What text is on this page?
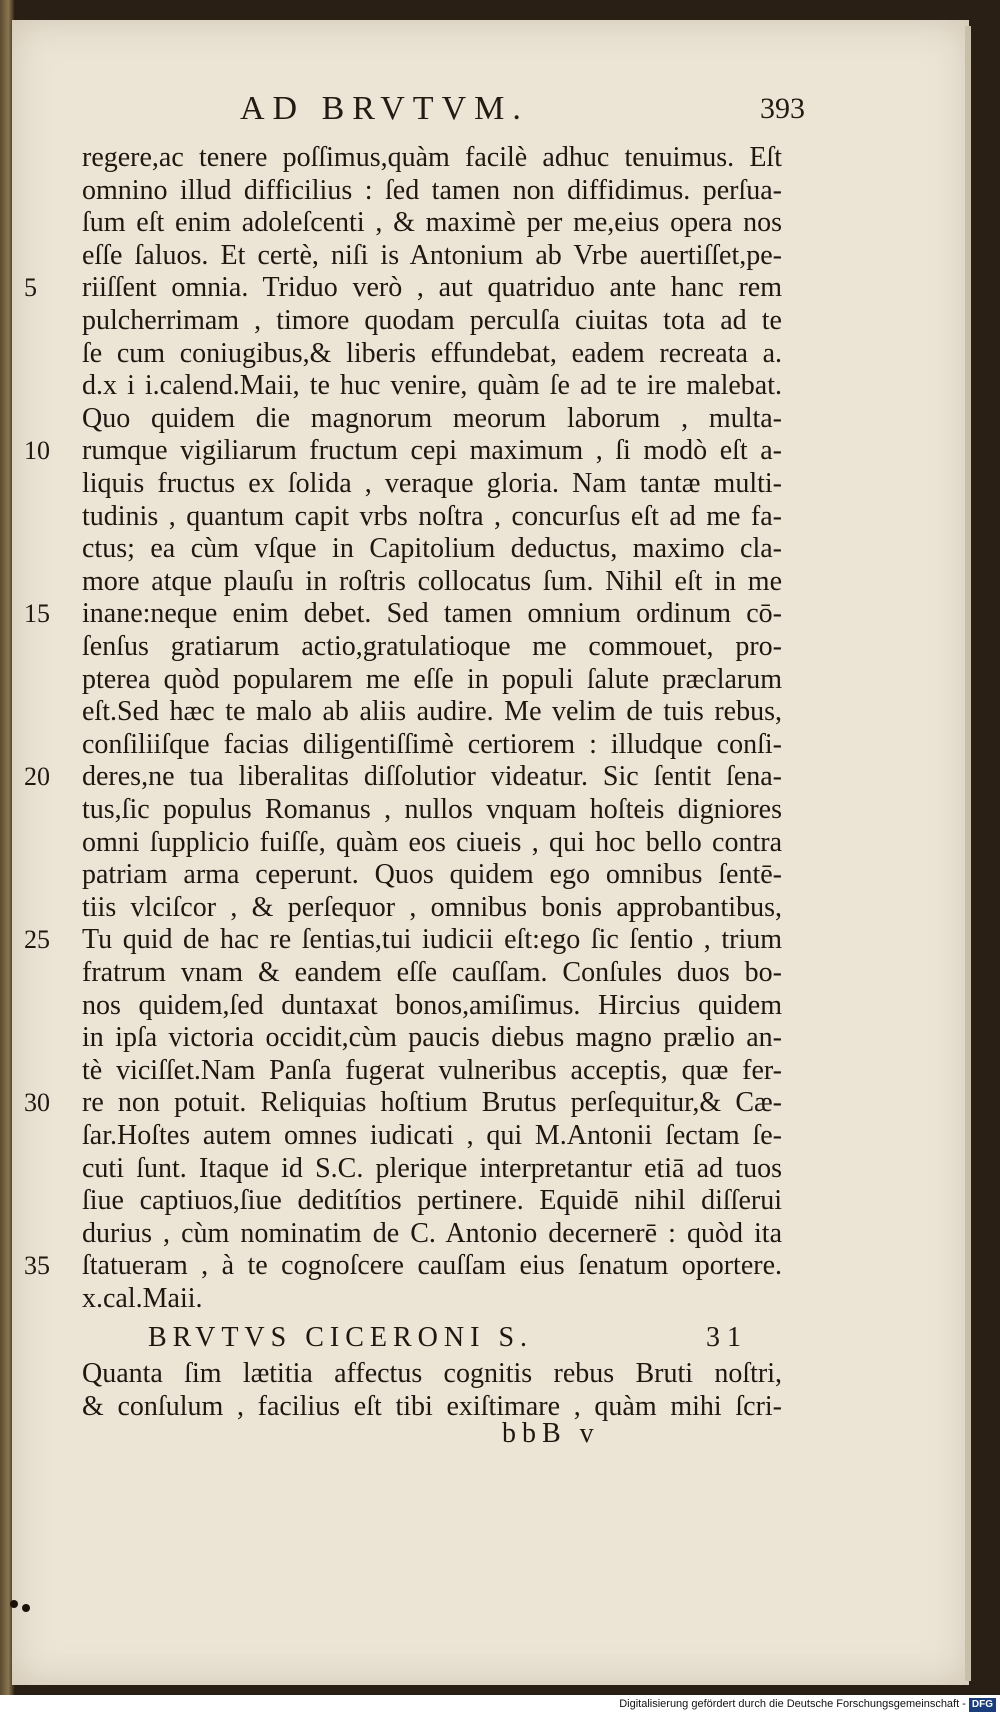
AD BRVTVM.	393
regere,ac tenere poſſimus,quàm facilè adhuc tenuimus. Eſt
omnino illud difficilius : ſed tamen non diffidimus. perſua-
ſum eſt enim adoleſcenti , & maximè per me,eius opera nos
eſſe ſaluos. Et certè, niſi is Antonium ab Vrbe auertiſſet,pe-
riiſſent omnia. Triduo verò , aut quatriduo ante hanc rem
5
pulcherrimam , timore quodam perculſa ciuitas tota ad te
ſe cum coniugibus,& liberis effundebat, eadem recreata a.
d.x i i.calend.Maii, te huc venire, quàm ſe ad te ire malebat.
Quo quidem die magnorum meorum laborum , multa-
rumque vigiliarum fructum cepi maximum , ſi modò eſt a-
10
liquis fructus ex ſolida , veraque gloria. Nam tantæ multi-
tudinis , quantum capit vrbs noſtra , concurſus eſt ad me fa-
ctus; ea cùm vſque in Capitolium deductus, maximo cla-
more atque plauſu in roſtris collocatus ſum. Nihil eſt in me
inane:neque enim debet. Sed tamen omnium ordinum cō-
15
ſenſus gratiarum actio,gratulatioque me commouet, pro-
pterea quòd popularem me eſſe in populi ſalute præclarum
eſt.Sed hæc te malo ab aliis audire. Me velim de tuis rebus,
conſiliiſque facias diligentiſſimè certiorem : illudque conſi-
deres,ne tua liberalitas diſſolutior videatur. Sic ſentit ſena-
20
tus,ſic populus Romanus , nullos vnquam hoſteis digniores
omni ſupplicio fuiſſe, quàm eos ciueis , qui hoc bello contra
patriam arma ceperunt. Quos quidem ego omnibus ſentē-
tiis vlciſcor , & perſequor , omnibus bonis approbantibus,
Tu quid de hac re ſentias,tui iudicii eſt:ego ſic ſentio , trium
25
fratrum vnam & eandem eſſe cauſſam. Conſules duos bo-
nos quidem,ſed duntaxat bonos,amiſimus. Hircius quidem
in ipſa victoria occidit,cùm paucis diebus magno prælio an-
tè viciſſet.Nam Panſa fugerat vulneribus acceptis, quæ fer-
re non potuit. Reliquias hoſtium Brutus perſequitur,& Cæ-
30
ſar.Hoſtes autem omnes iudicati , qui M.Antonii ſectam ſe-
cuti ſunt. Itaque id S.C. plerique interpretantur etiā ad tuos
ſiue captiuos,ſiue deditítios pertinere. Equidē nihil diſſerui
durius , cùm nominatim de C. Antonio decernerē : quòd ita
ſtatueram , à te cognoſcere cauſſam eius ſenatum oportere.
35
x.cal.Maii.
BRVTVS CICERONI S.	3 1
Quanta ſim lætitia affectus cognitis rebus Bruti noſtri,
& conſulum , facilius eſt tibi exiſtimare , quàm mihi ſcri-
bbB v
Digitalisierung gefördert durch die Deutsche Forschungsgemeinschaft - DFG
